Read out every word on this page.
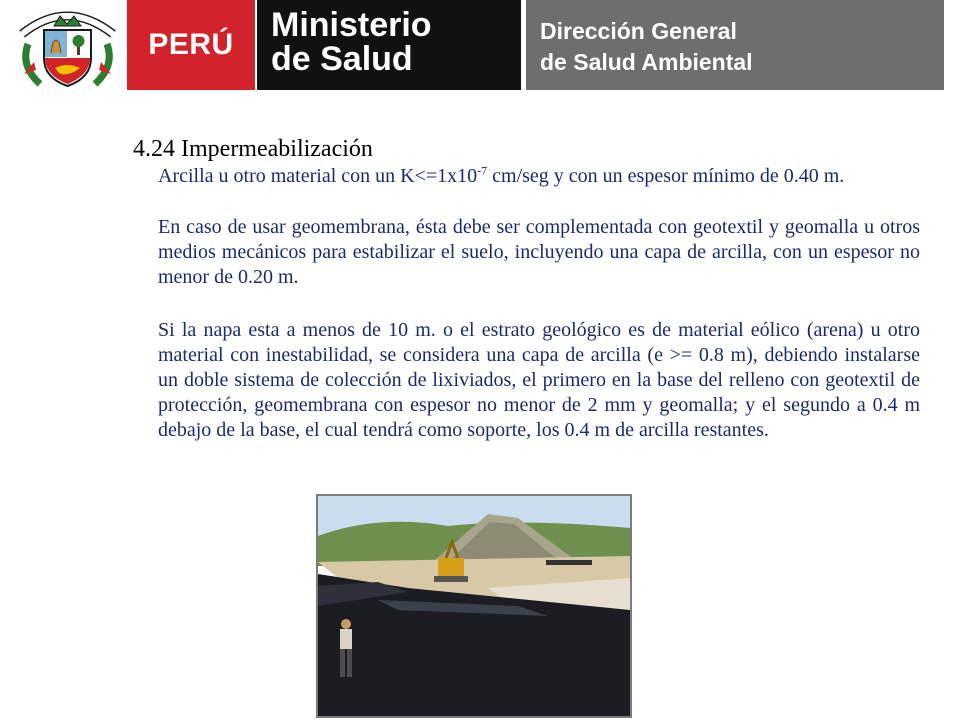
PERÚ
Ministerio
de Salud
Dirección General
de Salud Ambiental
4.24 Impermeabilización

Arcilla u otro material con un $K<=1x10^{-7}$ cm/seg y con un espesor mínimo de 0.40 m.

En caso de usar geomembrana, ésta debe ser complementada con geotextil y geomalla u otros medios mecánicos para estabilizar el suelo, incluyendo una capa de arcilla, con un espesor no menor de 0.20 m.

Si la napa esta a menos de 10 m. o el estrato geológico es de material eólico (arena) u otro material con inestabilidad, se considera una capa de arcilla (e >= 0.8 m), debiendo instalarse un doble sistema de colección de lixiviados, el primero en la base del relleno con geotextil de protección, geomembrana con espesor no menor de 2 mm y geomalla; y el segundo a 0.4 m debajo de la base, el cual tendrá como soporte, los 0.4 m de arcilla restantes.
